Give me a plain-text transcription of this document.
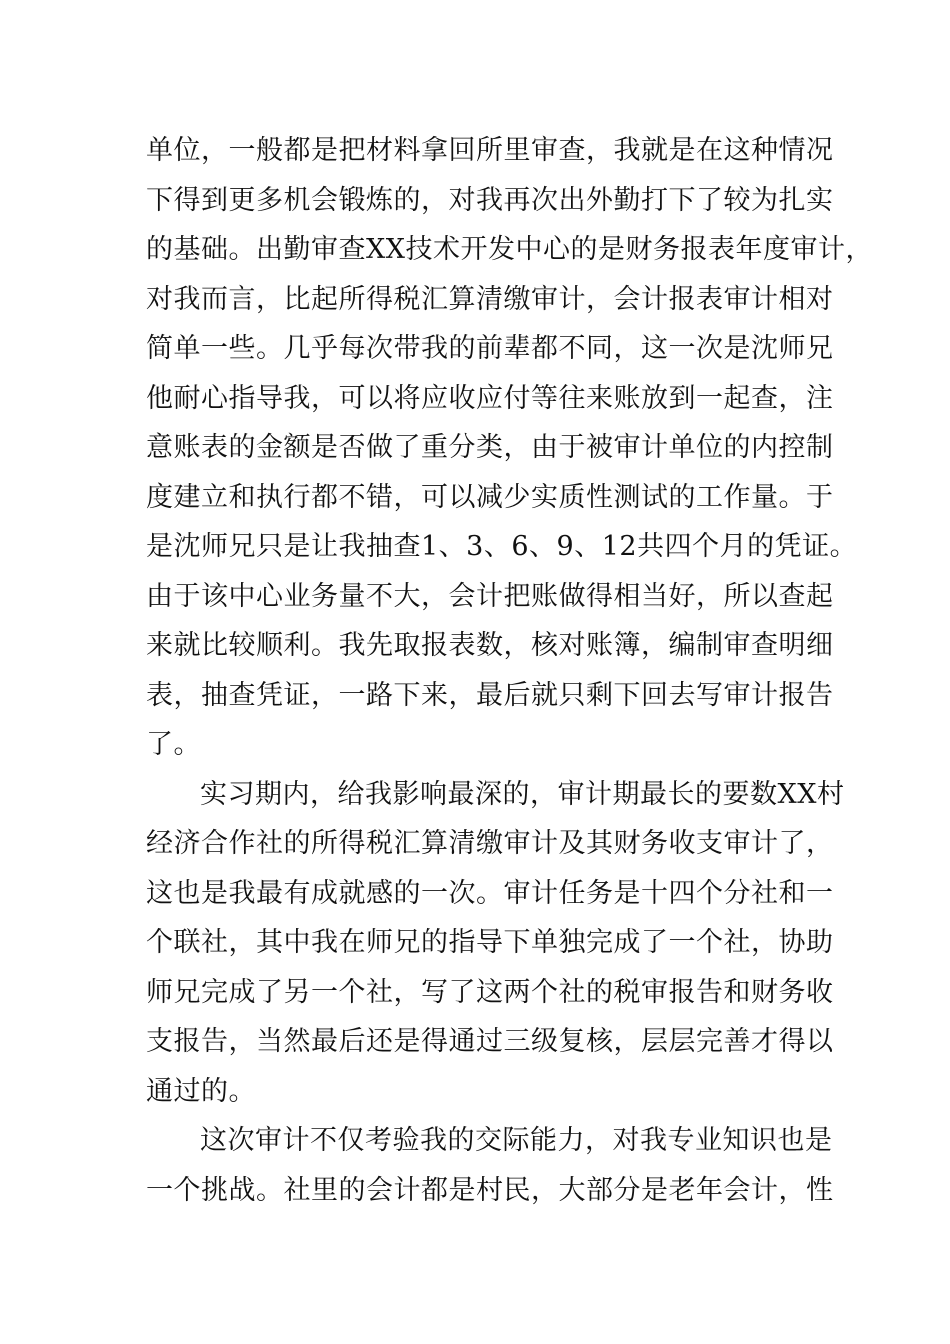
单位，一般都是把材料拿回所里审查，我就是在这种情况
下得到更多机会锻炼的，对我再次出外勤打下了较为扎实
的基础。出勤审查XX技术开发中心的是财务报表年度审计，
对我而言，比起所得税汇算清缴审计，会计报表审计相对
简单一些。几乎每次带我的前辈都不同，这一次是沈师兄
他耐心指导我，可以将应收应付等往来账放到一起查，注
意账表的金额是否做了重分类，由于被审计单位的内控制
度建立和执行都不错，可以减少实质性测试的工作量。于
是沈师兄只是让我抽查1、3、6、9、12共四个月的凭证。
由于该中心业务量不大，会计把账做得相当好，所以查起
来就比较顺利。我先取报表数，核对账簿，编制审查明细
表，抽查凭证，一路下来，最后就只剩下回去写审计报告
了。
实习期内，给我影响最深的，审计期最长的要数XX村
经济合作社的所得税汇算清缴审计及其财务收支审计了，
这也是我最有成就感的一次。审计任务是十四个分社和一
个联社，其中我在师兄的指导下单独完成了一个社，协助
师兄完成了另一个社，写了这两个社的税审报告和财务收
支报告，当然最后还是得通过三级复核，层层完善才得以
通过的。
这次审计不仅考验我的交际能力，对我专业知识也是
一个挑战。社里的会计都是村民，大部分是老年会计，性
